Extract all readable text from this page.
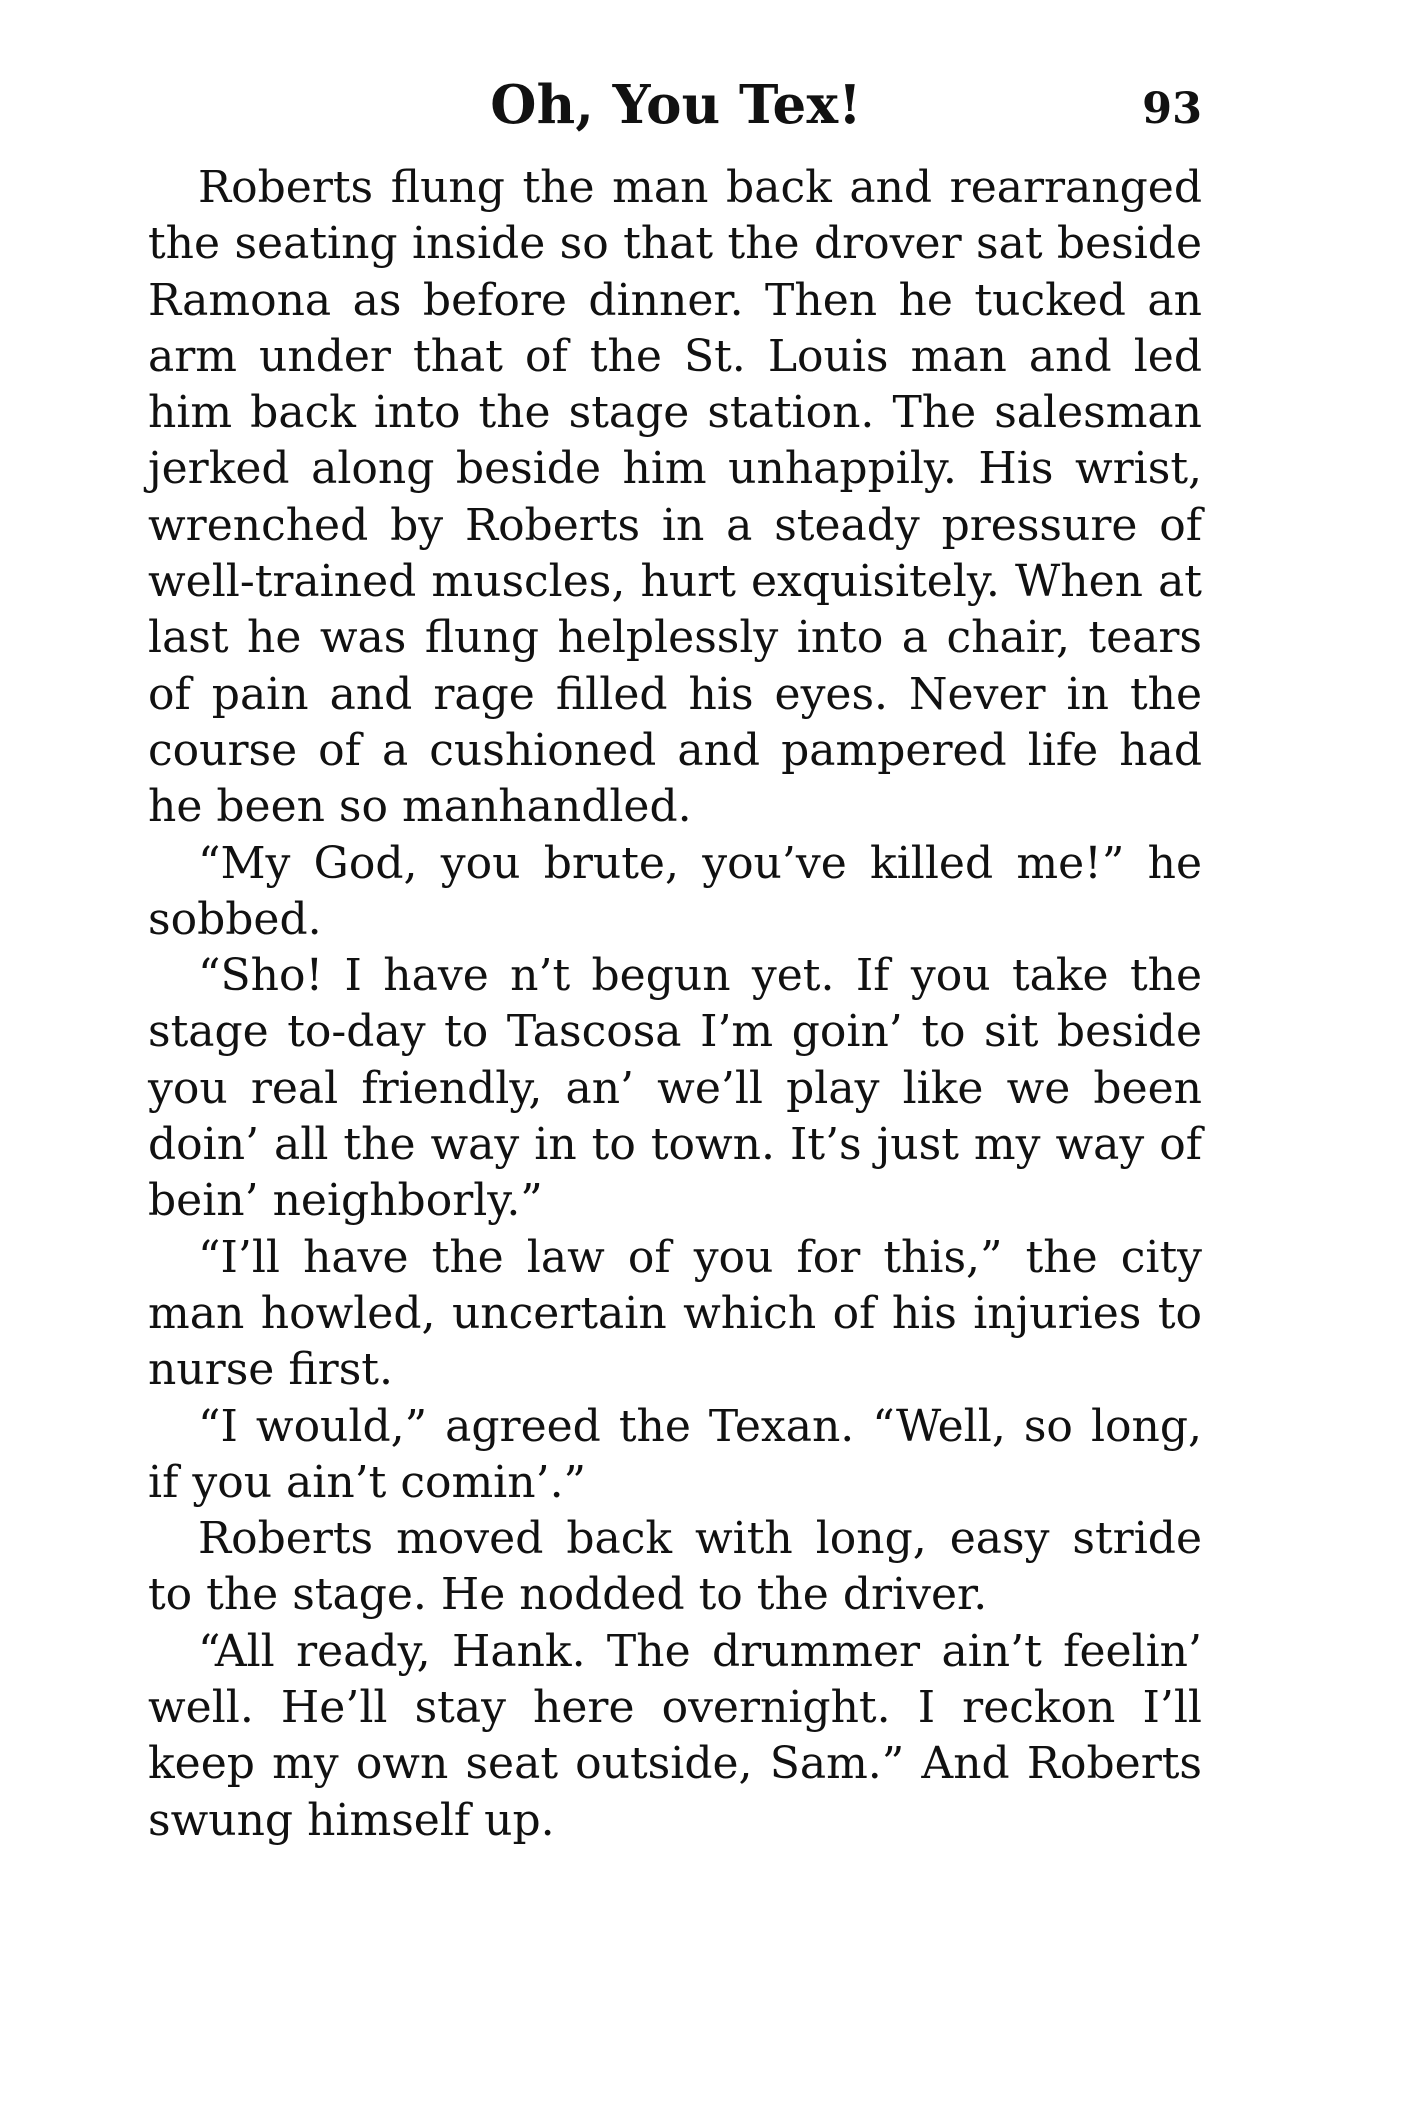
Oh, You Tex!	93

Roberts flung the man back and rearranged the seating inside so that the drover sat beside Ramona as before dinner. Then he tucked an arm under that of the St. Louis man and led him back into the stage station. The salesman jerked along beside him unhappily. His wrist, wrenched by Roberts in a steady pressure of well-trained muscles, hurt exquisitely. When at last he was flung helplessly into a chair, tears of pain and rage filled his eyes. Never in the course of a cushioned and pampered life had he been so manhandled.

“My God, you brute, you’ve killed me!” he sobbed.

“Sho! I have n’t begun yet. If you take the stage to-day to Tascosa I’m goin’ to sit beside you real friendly, an’ we’ll play like we been doin’ all the way in to town. It’s just my way of bein’ neighborly.”

“I’ll have the law of you for this,” the city man howled, uncertain which of his injuries to nurse first.

“I would,” agreed the Texan. “Well, so long, if you ain’t comin’.”

Roberts moved back with long, easy stride to the stage. He nodded to the driver.

“All ready, Hank. The drummer ain’t feelin’ well. He’ll stay here overnight. I reckon I’ll keep my own seat outside, Sam.” And Roberts swung himself up.
